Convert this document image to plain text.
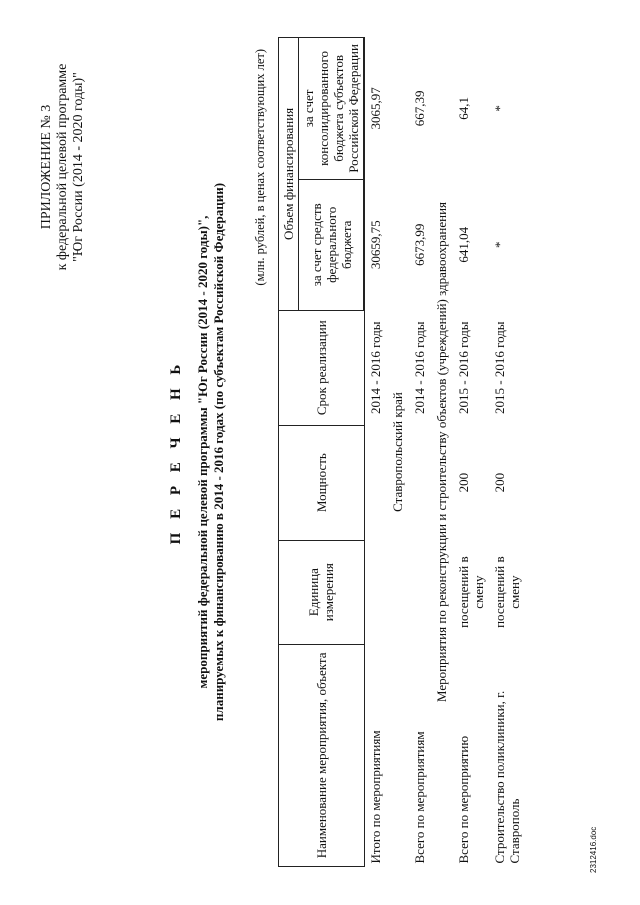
ПРИЛОЖЕНИЕ № 3 к федеральной целевой программе "Юг России (2014 - 2020 годы)"
П Е Р Е Ч Е Н Ь мероприятий федеральной целевой программы "Юг России (2014 - 2020 годы)", планируемых к финансированию в 2014 - 2016 годах (по субъектам Российской Федерации)
(млн. рублей, в ценах соответствующих лет)
Наименование мероприятия, объекта	Единица измерения	Мощность	Срок реализации	Объем финансирования	
				за счет средств федерального бюджета	за счет консолидированного бюджета субъектов Российской Федерации
Итого по мероприятиям			2014 - 2016 годы	30659,75	3065,97
Ставропольский край					
Всего по мероприятиям			2014 - 2016 годы	6673,99	667,39
Мероприятия по реконструкции и строительству объектов (учреждений) здравоохранения					
Всего по мероприятию	посещений в смену	200	2015 - 2016 годы	641,04	64,1
Строительство поликлиники, г. Ставрополь	посещений в смену	200	2015 - 2016 годы	*	*
2312416.doc
